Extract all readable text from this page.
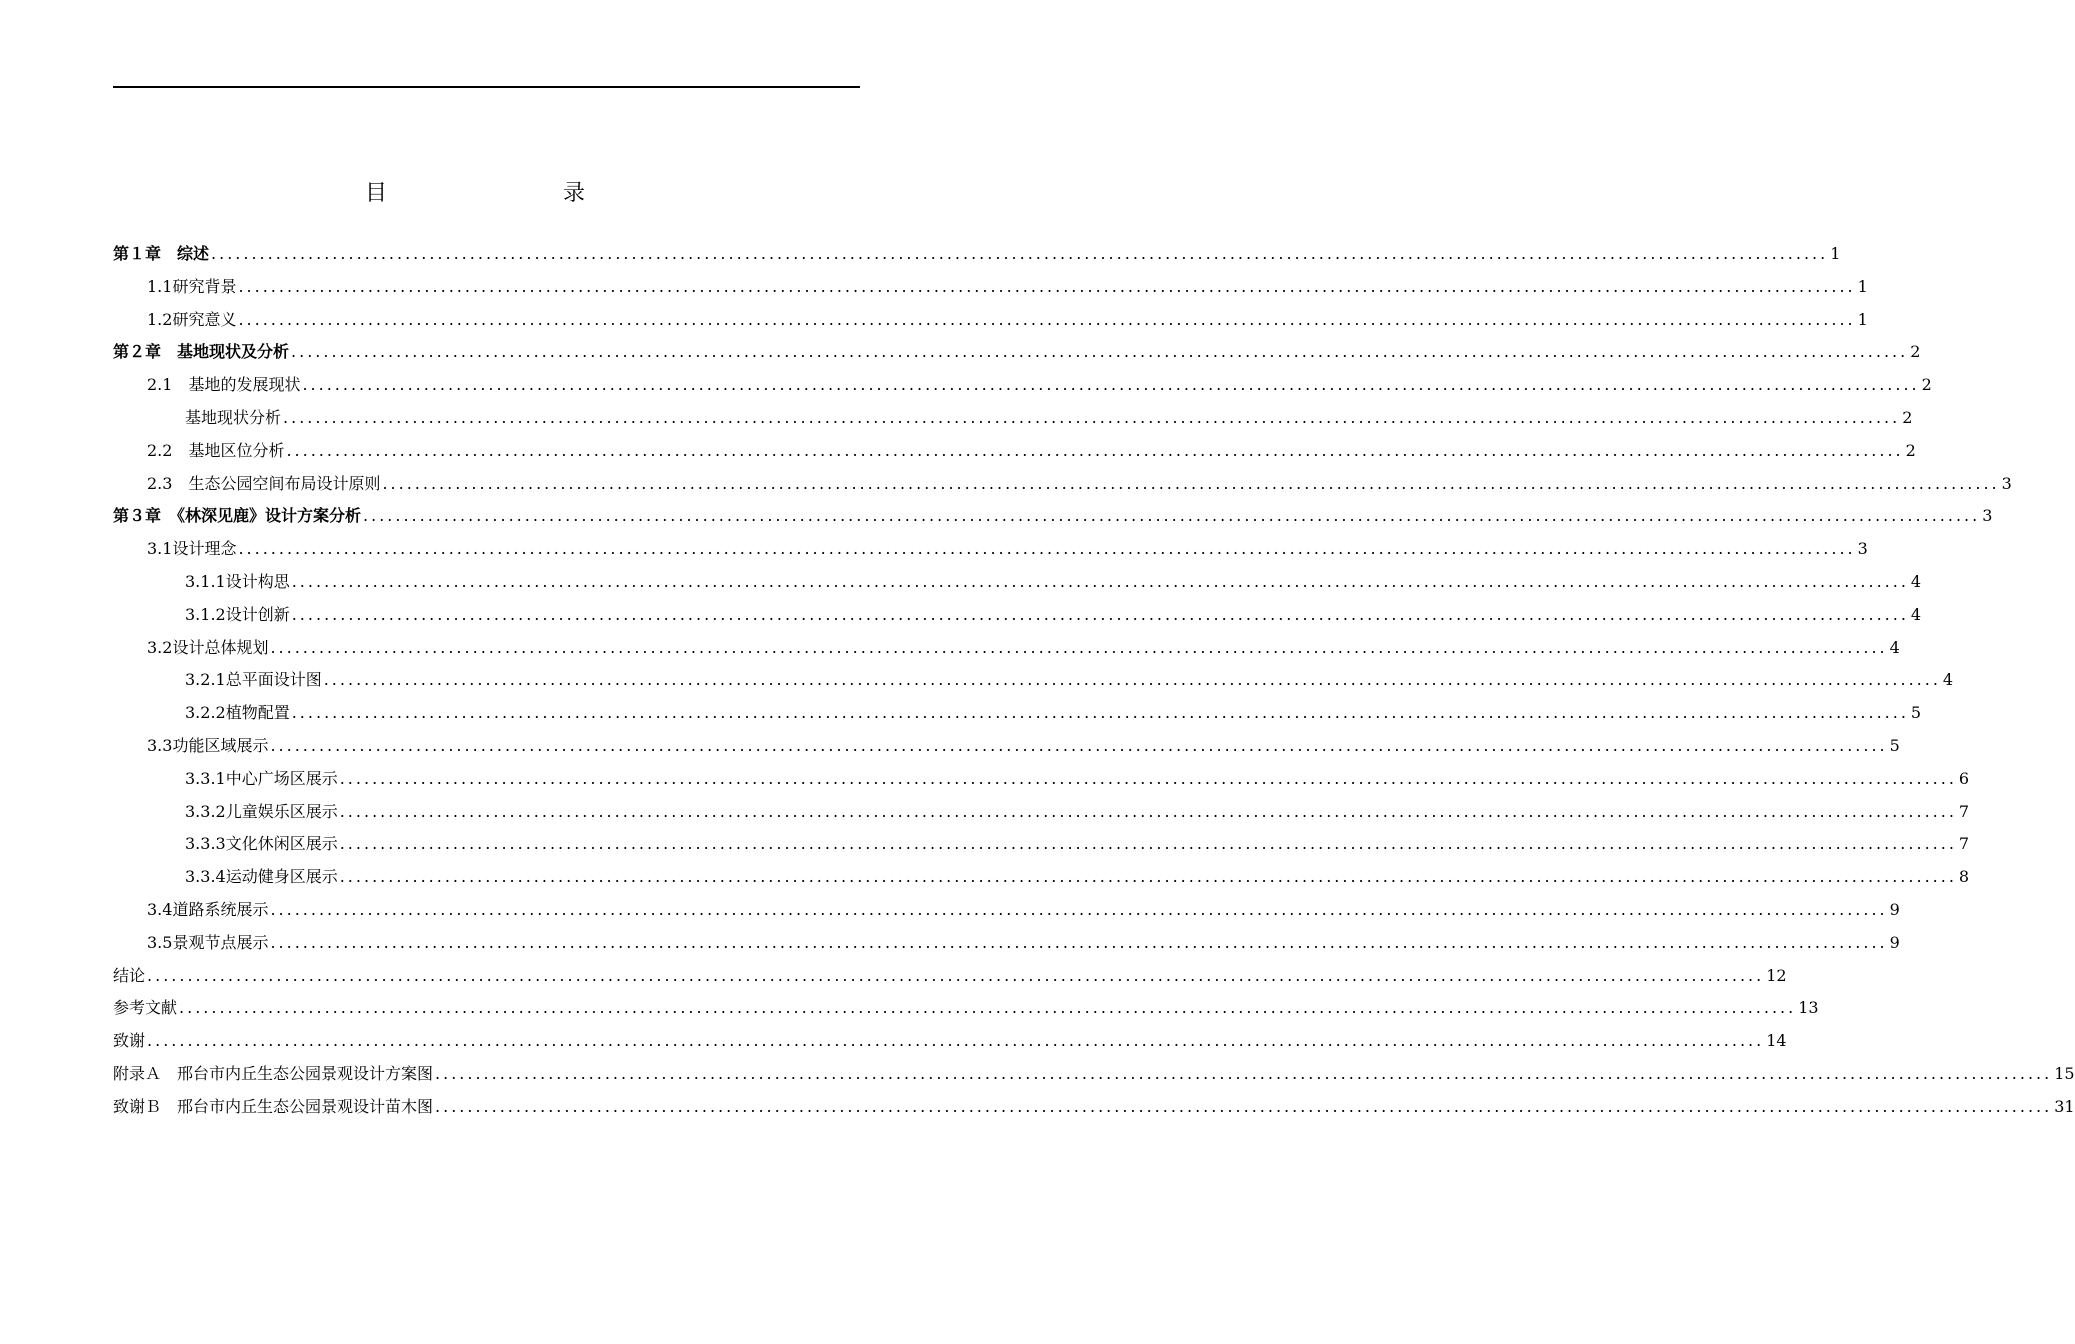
目　　录
第１章　综述 ........................................................................................................................................................................................................ 1
1.1研究背景 ........................................................................................................................................................................................................ 1
1.2研究意义 ........................................................................................................................................................................................................ 1
第２章　基地现状及分析 ........................................................................................................................................................................................................ 2
2.1　基地的发展现状 ........................................................................................................................................................................................................ 2
基地现状分析 ........................................................................................................................................................................................................ 2
2.2　基地区位分析 ........................................................................................................................................................................................................ 2
2.3　生态公园空间布局设计原则 ........................................................................................................................................................................................................ 3
第３章　《林深见鹿》设计方案分析 ........................................................................................................................................................................................................ 3
3.1设计理念 ........................................................................................................................................................................................................ 3
3.1.1设计构思 ........................................................................................................................................................................................................ 4
3.1.2设计创新 ........................................................................................................................................................................................................ 4
3.2设计总体规划 ........................................................................................................................................................................................................ 4
3.2.1总平面设计图 ........................................................................................................................................................................................................ 4
3.2.2植物配置 ........................................................................................................................................................................................................ 5
3.3功能区域展示 ........................................................................................................................................................................................................ 5
3.3.1中心广场区展示 ........................................................................................................................................................................................................ 6
3.3.2儿童娱乐区展示 ........................................................................................................................................................................................................ 7
3.3.3文化休闲区展示 ........................................................................................................................................................................................................ 7
3.3.4运动健身区展示 ........................................................................................................................................................................................................ 8
3.4道路系统展示 ........................................................................................................................................................................................................ 9
3.5景观节点展示 ........................................................................................................................................................................................................ 9
结论 ........................................................................................................................................................................................................ 12
参考文献 ........................................................................................................................................................................................................ 13
致谢 ........................................................................................................................................................................................................ 14
附录Ａ　邢台市内丘生态公园景观设计方案图 ........................................................................................................................................................................................................ 15
致谢Ｂ　邢台市内丘生态公园景观设计苗木图 ........................................................................................................................................................................................................ 31
